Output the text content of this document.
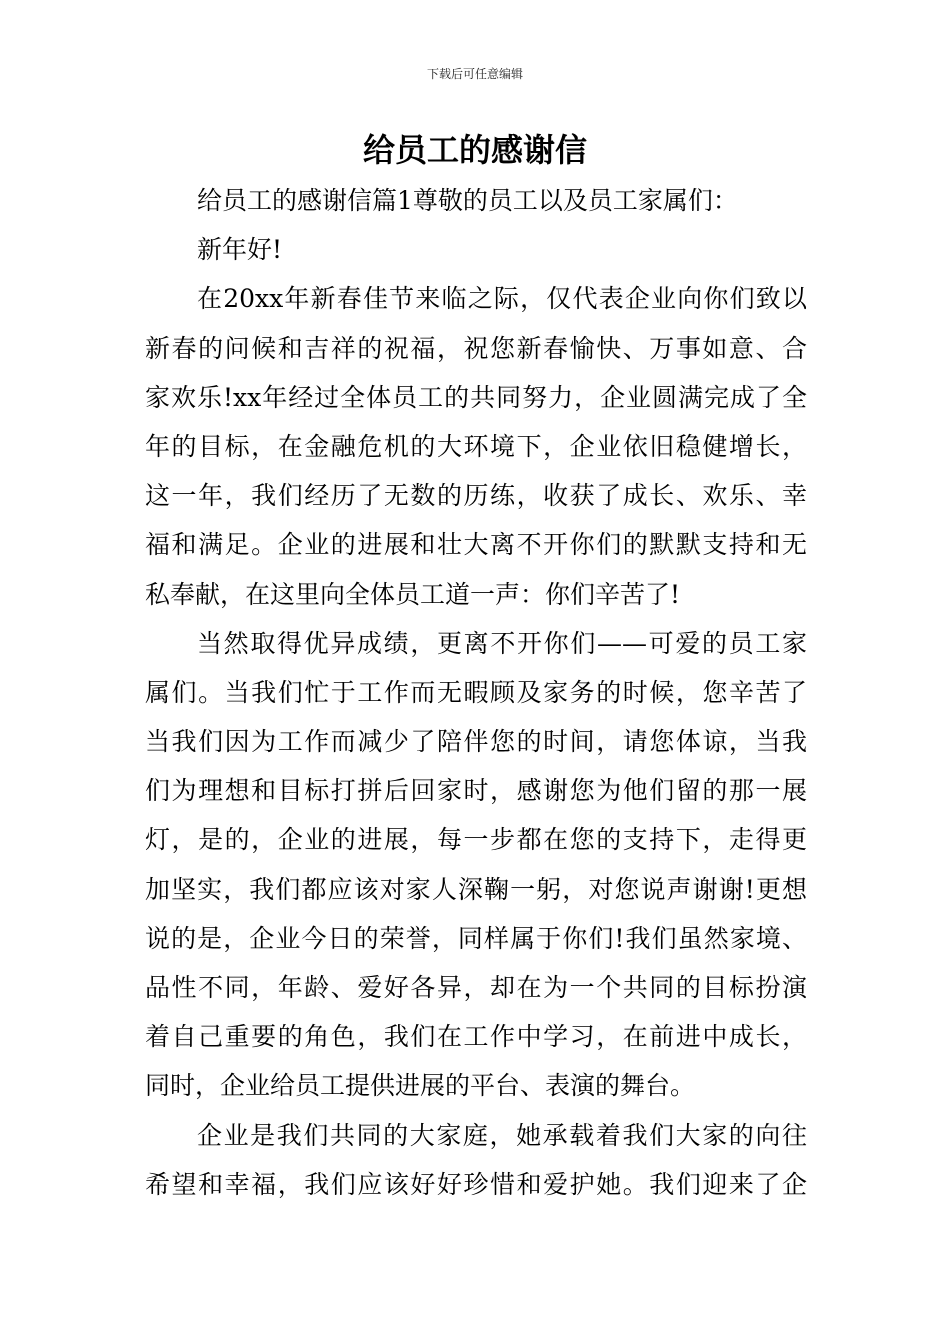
下载后可任意编辑
给员工的感谢信
给员工的感谢信篇1尊敬的员工以及员工家属们：
新年好!
在20xx年新春佳节来临之际，仅代表企业向你们致以
新春的问候和吉祥的祝福，祝您新春愉快、万事如意、合
家欢乐!xx年经过全体员工的共同努力，企业圆满完成了全
年的目标，在金融危机的大环境下，企业依旧稳健增长，
这一年，我们经历了无数的历练，收获了成长、欢乐、幸
福和满足。企业的进展和壮大离不开你们的默默支持和无
私奉献，在这里向全体员工道一声：你们辛苦了!
当然取得优异成绩，更离不开你们——可爱的员工家
属们。当我们忙于工作而无暇顾及家务的时候，您辛苦了
当我们因为工作而减少了陪伴您的时间，请您体谅，当我
们为理想和目标打拼后回家时，感谢您为他们留的那一展
灯，是的，企业的进展，每一步都在您的支持下，走得更
加坚实，我们都应该对家人深鞠一躬，对您说声谢谢!更想
说的是，企业今日的荣誉，同样属于你们!我们虽然家境、
品性不同，年龄、爱好各异，却在为一个共同的目标扮演
着自己重要的角色，我们在工作中学习，在前进中成长，
同时，企业给员工提供进展的平台、表演的舞台。
企业是我们共同的大家庭，她承载着我们大家的向往
希望和幸福，我们应该好好珍惜和爱护她。我们迎来了企
